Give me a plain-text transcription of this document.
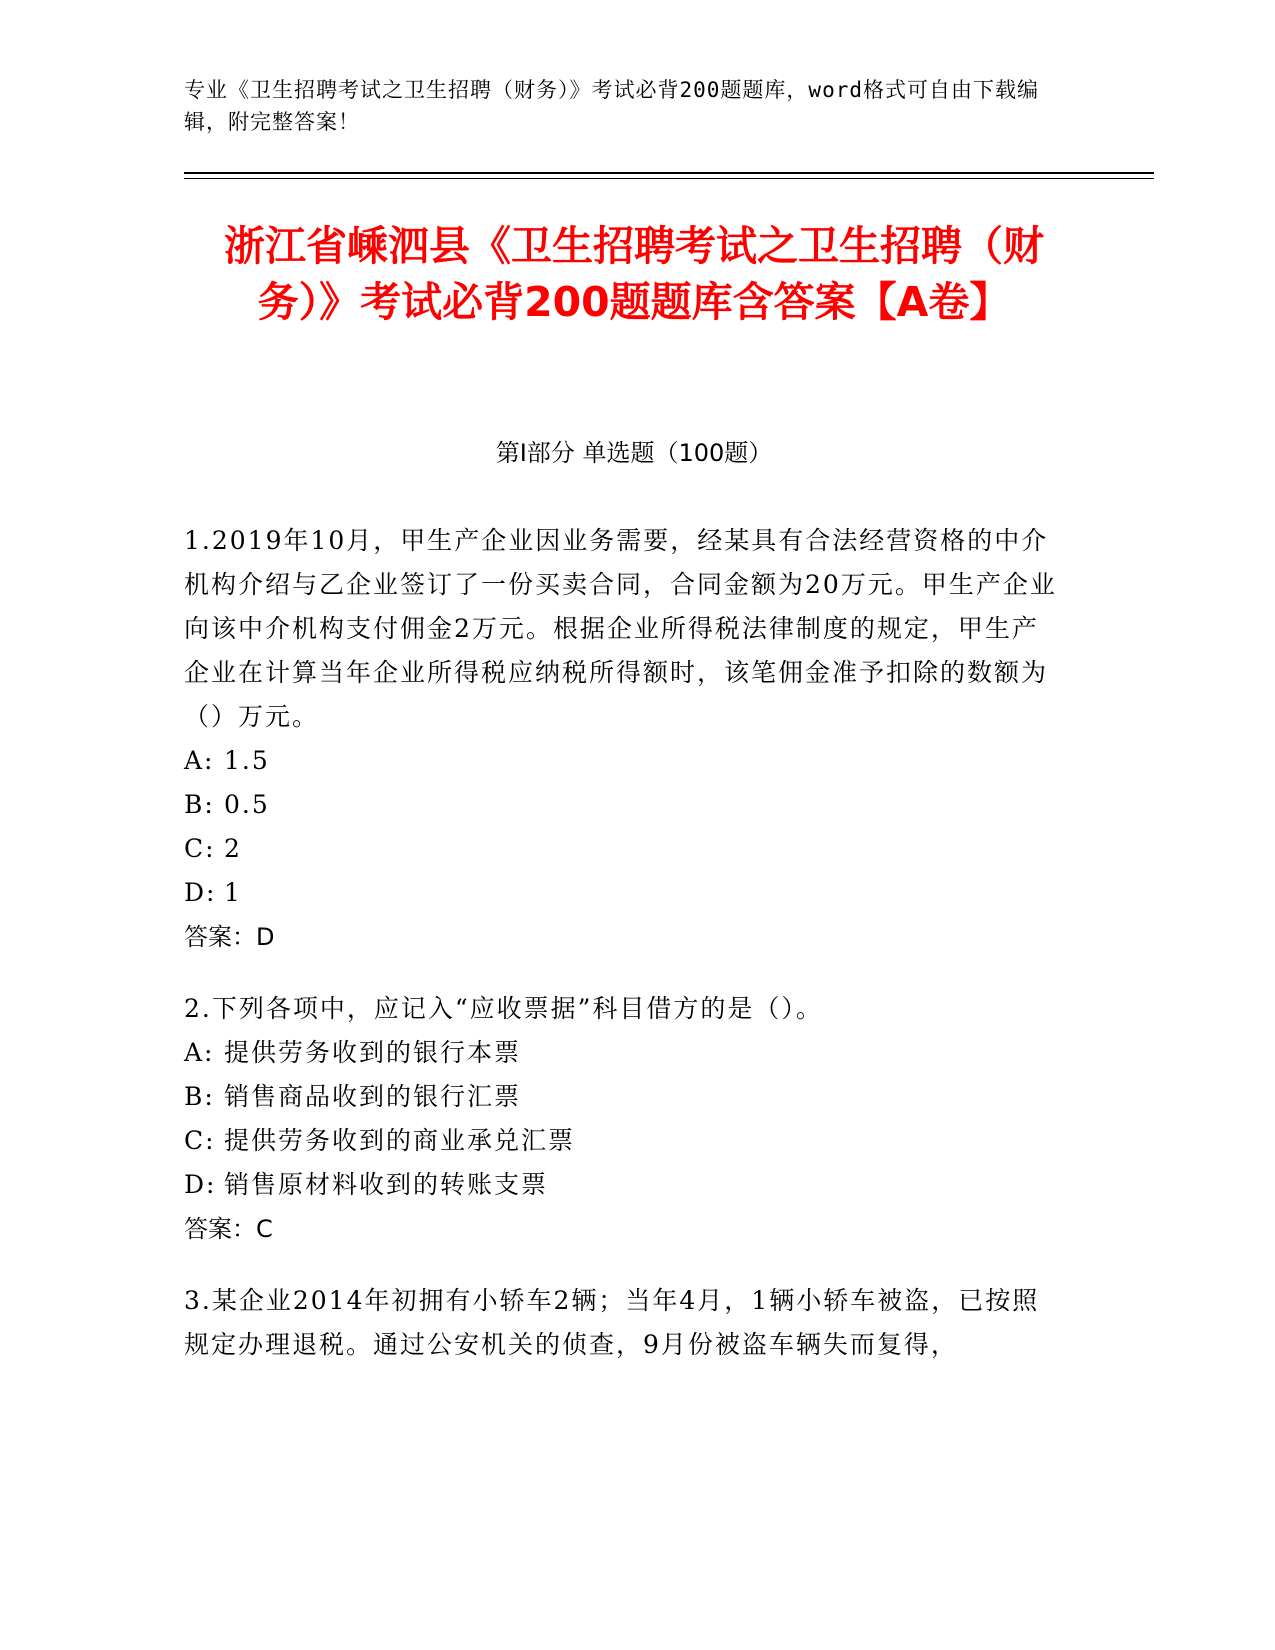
专业《卫生招聘考试之卫生招聘（财务）》考试必背200题题库，word格式可自由下载编辑，附完整答案！
浙江省嵊泗县《卫生招聘考试之卫生招聘（财务）》考试必背200题题库含答案【A卷】
第I部分 单选题（100题）
1.2019年10月，甲生产企业因业务需要，经某具有合法经营资格的中介机构介绍与乙企业签订了一份买卖合同，合同金额为20万元。甲生产企业向该中介机构支付佣金2万元。根据企业所得税法律制度的规定，甲生产企业在计算当年企业所得税应纳税所得额时，该笔佣金准予扣除的数额为（）万元。
A: 1.5
B: 0.5
C: 2
D: 1
答案：D
2.下列各项中，应记入“应收票据”科目借方的是（）。
A: 提供劳务收到的银行本票
B: 销售商品收到的银行汇票
C: 提供劳务收到的商业承兑汇票
D: 销售原材料收到的转账支票
答案：C
3.某企业2014年初拥有小轿车2辆；当年4月，1辆小轿车被盗，已按照规定办理退税。通过公安机关的侦查，9月份被盗车辆失而复得，
